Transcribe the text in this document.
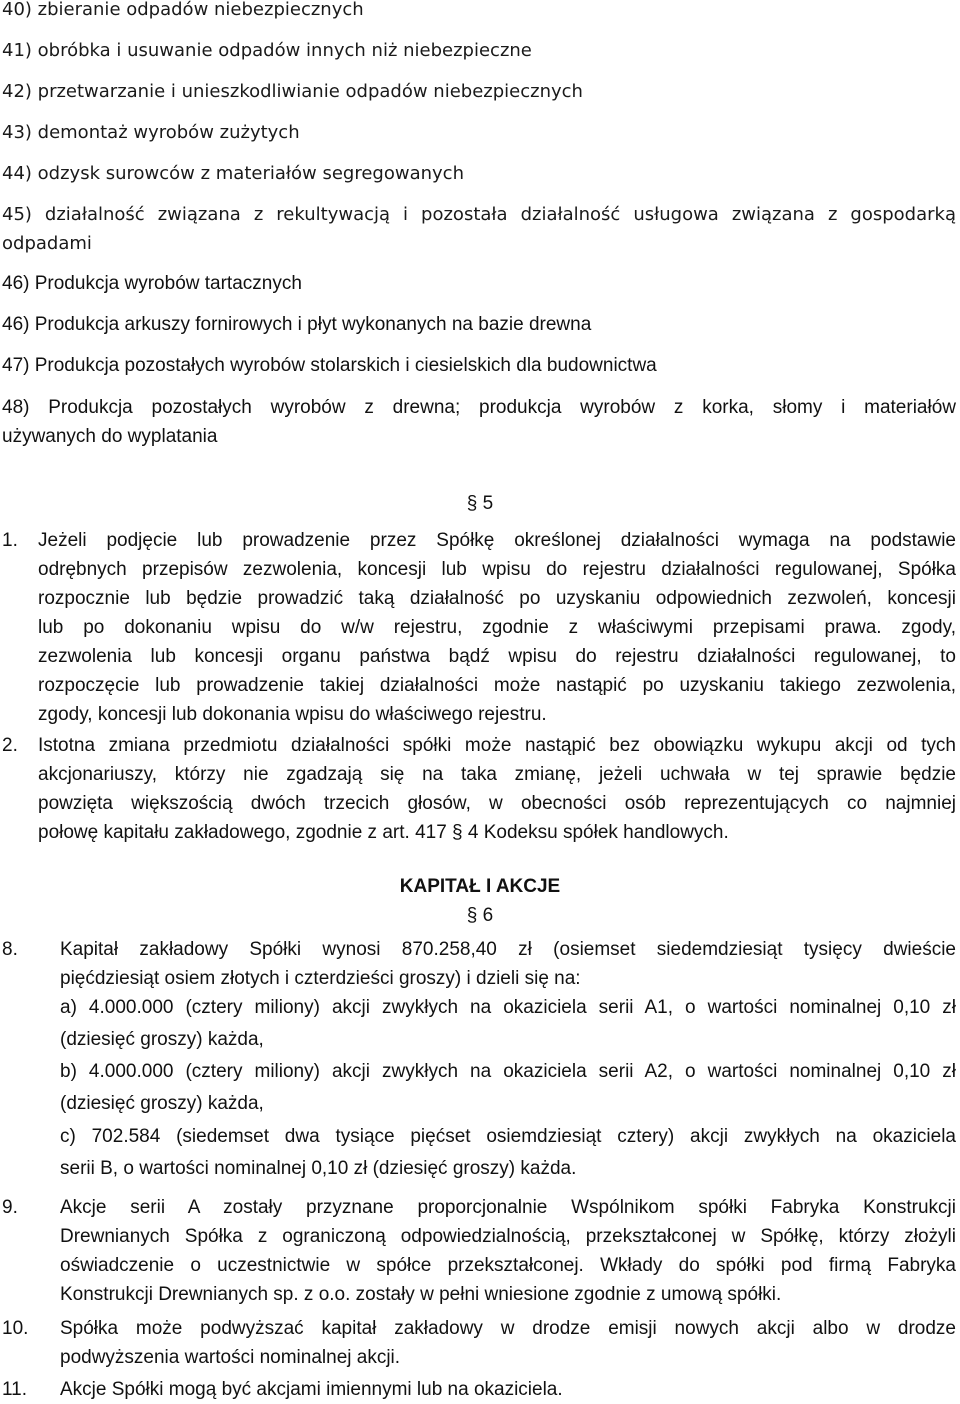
40) zbieranie odpadów niebezpiecznych
41) obróbka i usuwanie odpadów innych niż niebezpieczne
42) przetwarzanie i unieszkodliwianie odpadów niebezpiecznych
43) demontaż wyrobów zużytych
44) odzysk surowców z materiałów segregowanych
45) działalność związana z rekultywacją i pozostała działalność usługowa związana z gospodarką
odpadami
46) Produkcja wyrobów tartacznych
46) Produkcja arkuszy fornirowych i płyt wykonanych na bazie drewna
47) Produkcja pozostałych wyrobów stolarskich i ciesielskich dla budownictwa
48) Produkcja pozostałych wyrobów z drewna; produkcja wyrobów z korka, słomy i materiałów
używanych do wyplatania
§ 5
1. Jeżeli podjęcie lub prowadzenie przez Spółkę określonej działalności wymaga na podstawie
odrębnych przepisów zezwolenia, koncesji lub wpisu do rejestru działalności regulowanej, Spółka
rozpocznie lub będzie prowadzić taką działalność po uzyskaniu odpowiednich zezwoleń, koncesji
lub po dokonaniu wpisu do w/w rejestru, zgodnie z właściwymi przepisami prawa. zgody,
zezwolenia lub koncesji organu państwa bądź wpisu do rejestru działalności regulowanej, to
rozpoczęcie lub prowadzenie takiej działalności może nastąpić po uzyskaniu takiego zezwolenia,
zgody, koncesji lub dokonania wpisu do właściwego rejestru.
2. Istotna zmiana przedmiotu działalności spółki może nastąpić bez obowiązku wykupu akcji od tych
akcjonariuszy, którzy nie zgadzają się na taka zmianę, jeżeli uchwała w tej sprawie będzie
powzięta większością dwóch trzecich głosów, w obecności osób reprezentujących co najmniej
połowę kapitału zakładowego, zgodnie z art. 417 § 4 Kodeksu spółek handlowych.
KAPITAŁ I AKCJE
§ 6
8. Kapitał zakładowy Spółki wynosi 870.258,40 zł (osiemset siedemdziesiąt tysięcy dwieście
pięćdziesiąt osiem złotych i czterdzieści groszy) i dzieli się na:
a) 4.000.000 (cztery miliony) akcji zwykłych na okaziciela serii A1, o wartości nominalnej 0,10 zł
(dziesięć groszy) każda,
b) 4.000.000 (cztery miliony) akcji zwykłych na okaziciela serii A2, o wartości nominalnej 0,10 zł
(dziesięć groszy) każda,
c) 702.584 (siedemset dwa tysiące pięćset osiemdziesiąt cztery) akcji zwykłych na okaziciela
serii B, o wartości nominalnej 0,10 zł (dziesięć groszy) każda.
9. Akcje serii A zostały przyznane proporcjonalnie Wspólnikom spółki Fabryka Konstrukcji
Drewnianych Spółka z ograniczoną odpowiedzialnością, przekształconej w Spółkę, którzy złożyli
oświadczenie o uczestnictwie w spółce przekształconej. Wkłady do spółki pod firmą Fabryka
Konstrukcji Drewnianych sp. z o.o. zostały w pełni wniesione zgodnie z umową spółki.
10. Spółka może podwyższać kapitał zakładowy w drodze emisji nowych akcji albo w drodze
podwyższenia wartości nominalnej akcji.
11. Akcje Spółki mogą być akcjami imiennymi lub na okaziciela.
